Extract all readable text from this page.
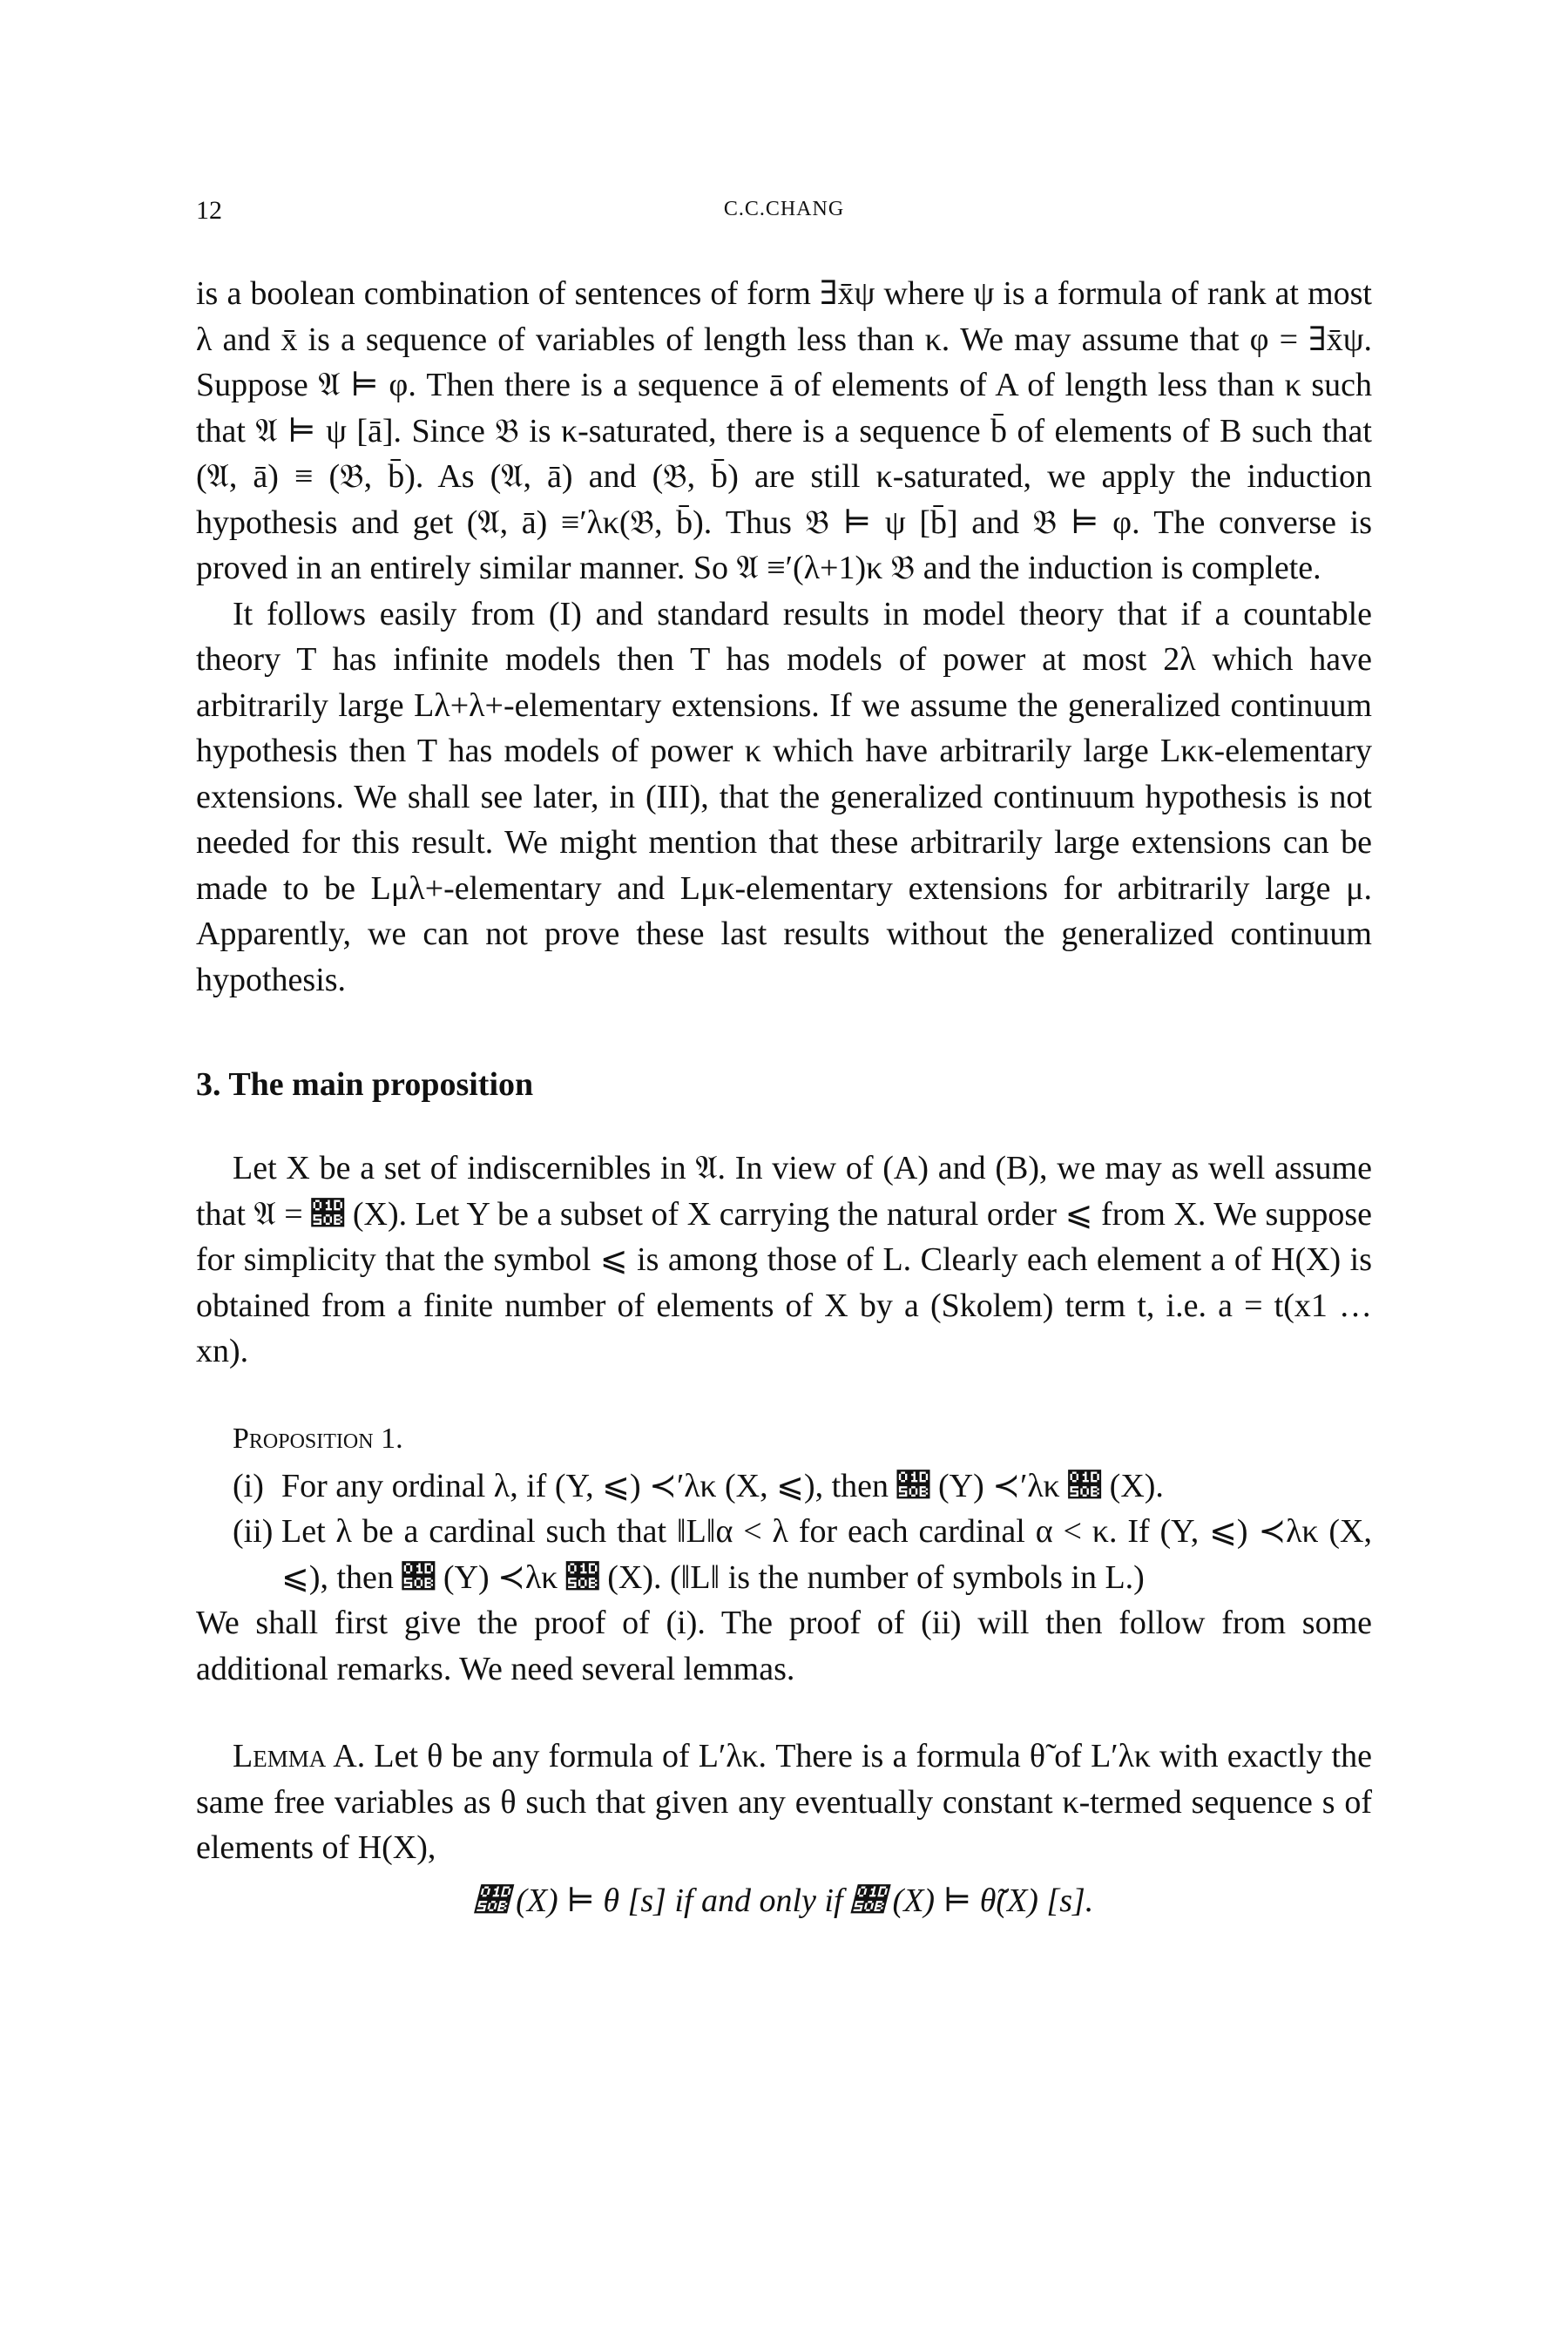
12	C.C.CHANG

is a boolean combination of sentences of form ∃x̄ψ where ψ is a formula of rank at most λ and x̄ is a sequence of variables of length less than κ. We may assume that φ = ∃x̄ψ. Suppose 𝔄 ⊨ φ. Then there is a sequence ā of elements of A of length less than κ such that 𝔄 ⊨ ψ [ā]. Since 𝔅 is κ-saturated, there is a sequence b̄ of elements of B such that (𝔄, ā) ≡ (𝔅, b̄). As (𝔄, ā) and (𝔅, b̄) are still κ-saturated, we apply the induction hypothesis and get (𝔄, ā) ≡′λκ(𝔅, b̄). Thus 𝔅 ⊨ ψ [b̄] and 𝔅 ⊨ φ. The converse is proved in an entirely similar manner. So 𝔄 ≡′(λ+1)κ 𝔅 and the induction is complete.

It follows easily from (I) and standard results in model theory that if a countable theory T has infinite models then T has models of power at most 2λ which have arbitrarily large Lλ+λ+-elementary extensions. If we assume the generalized continuum hypothesis then T has models of power κ which have arbitrarily large Lκκ-elementary extensions. We shall see later, in (III), that the generalized continuum hypothesis is not needed for this result. We might mention that these arbitrarily large extensions can be made to be Lμλ+-elementary and Lμκ-elementary extensions for arbitrarily large μ. Apparently, we can not prove these last results without the generalized continuum hypothesis.

3. The main proposition

Let X be a set of indiscernibles in 𝔄. In view of (A) and (B), we may as well assume that 𝔄 = 𝔋 (X). Let Y be a subset of X carrying the natural order ⩽ from X. We suppose for simplicity that the symbol ⩽ is among those of L. Clearly each element a of H(X) is obtained from a finite number of elements of X by a (Skolem) term t, i.e. a = t(x1 … xn).

Proposition 1.
(i) For any ordinal λ, if (Y, ⩽) ≺′λκ (X, ⩽), then 𝔋 (Y) ≺′λκ 𝔋 (X).
(ii) Let λ be a cardinal such that ‖L‖α < λ for each cardinal α < κ. If (Y, ⩽) ≺λκ (X, ⩽), then 𝔋 (Y) ≺λκ 𝔋 (X). (‖L‖ is the number of symbols in L.)

We shall first give the proof of (i). The proof of (ii) will then follow from some additional remarks. We need several lemmas.

Lemma A. Let θ be any formula of L′λκ. There is a formula θ̃ of L′λκ with exactly the same free variables as θ such that given any eventually constant κ-termed sequence s of elements of H(X),

𝔋 (X) ⊨ θ [s] if and only if 𝔋 (X) ⊨ θ̃(X) [s].
